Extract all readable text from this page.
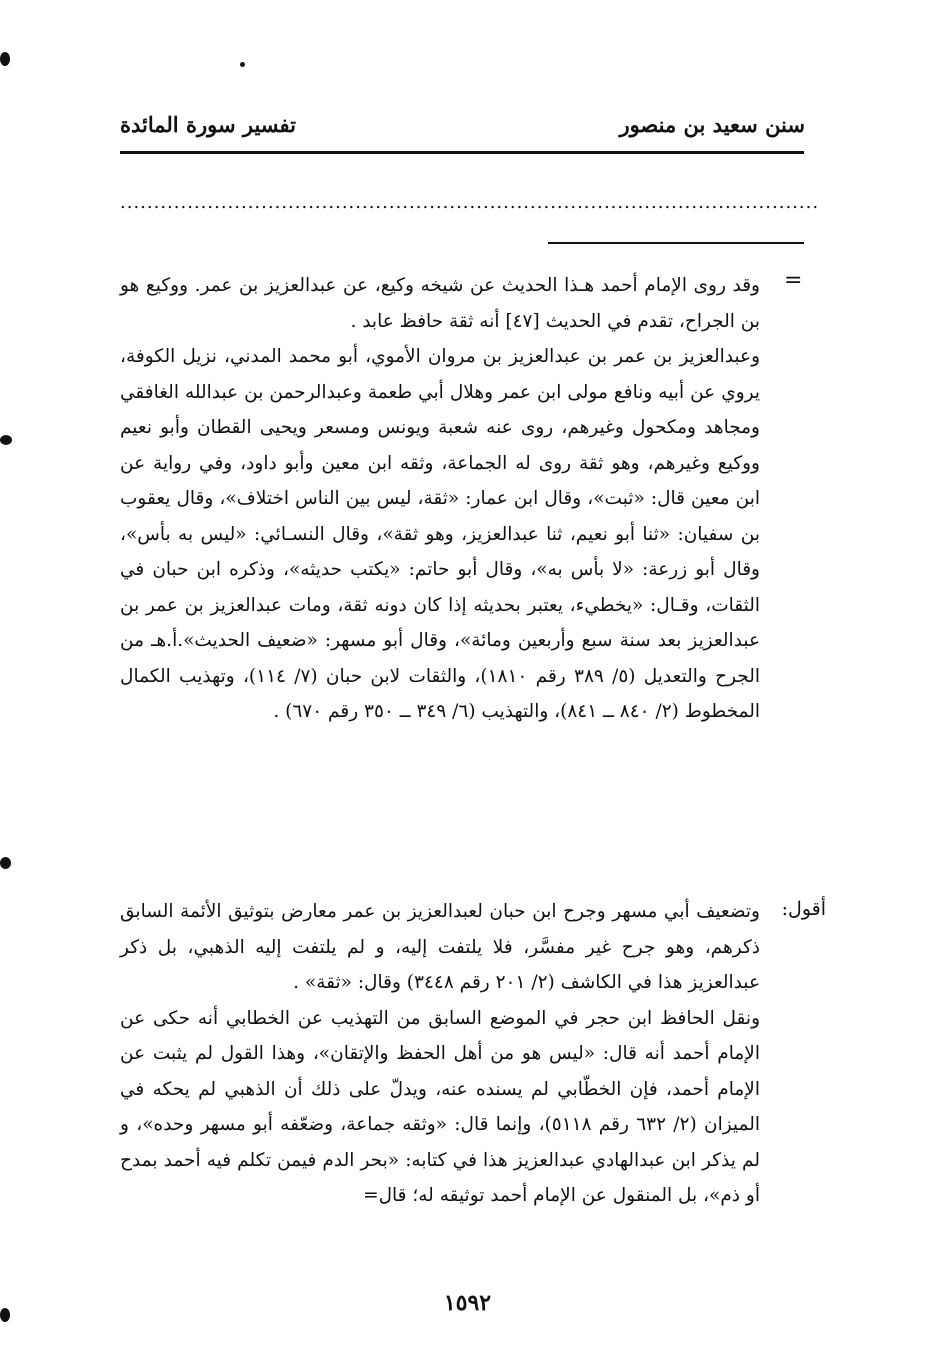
سنن سعيد بن منصور
تفسير سورة المائدة
........................................................................................................
=

وقد روى الإمام أحمد هـذا الحديث عن شيخه وكيع، عن عبدالعزيز بن عمر. ووكيع هو بن الجراح، تقدم في الحديث [٤٧] أنه ثقة حافظ عابد .

وعبدالعزيز بن عمر بن عبدالعزيز بن مروان الأموي، أبو محمد المدني، نزيل الكوفة، يروي عن أبيه ونافع مولى ابن عمر وهلال أبي طعمة وعبدالرحمن بن عبدالله الغافقي ومجاهد ومكحول وغيرهم، روى عنه شعبة ويونس ومسعر ويحيى القطان وأبو نعيم ووكيع وغيرهم، وهو ثقة روى له الجماعة، وثقه ابن معين وأبو داود، وفي رواية عن ابن معين قال: «ثبت»، وقال ابن عمار: «ثقة، ليس بين الناس اختلاف»، وقال يعقوب بن سفيان: «ثنا أبو نعيم، ثنا عبدالعزيز، وهو ثقة»، وقال النسـائي: «ليس به بأس»، وقال أبو زرعة: «لا بأس به»، وقال أبو حاتم: «يكتب حديثه»، وذكره ابن حبان في الثقات، وقـال: «يخطيء، يعتبر بحديثه إذا كان دونه ثقة، ومات عبدالعزيز بن عمر بن عبدالعزيز بعد سنة سبع وأربعين ومائة»، وقال أبو مسهر: «ضعيف الحديث».أ.هـ من الجرح والتعديل (٥/ ٣٨٩ رقم ١٨١٠)، والثقات لابن حبان (٧/ ١١٤)، وتهذيب الكمال المخطوط (٢/ ٨٤٠ ــ ٨٤١)، والتهذيب (٦/ ٣٤٩ ــ ٣٥٠ رقم ٦٧٠) .

أقول:

وتضعيف أبي مسهر وجرح ابن حبان لعبدالعزيز بن عمر معارض بتوثيق الأئمة السابق ذكرهم، وهو جرح غير مفسَّر، فلا يلتفت إليه، و لم يلتفت إليه الذهبي، بل ذكر عبدالعزيز هذا في الكاشف (٢/ ٢٠١ رقم ٣٤٤٨) وقال: «ثقة» .

ونقل الحافظ ابن حجر في الموضع السابق من التهذيب عن الخطابي أنه حكى عن الإمام أحمد أنه قال: «ليس هو من أهل الحفظ والإتقان»، وهذا القول لم يثبت عن الإمام أحمد، فإن الخطّابي لم يسنده عنه، ويدلّ على ذلك أن الذهبي لم يحكه في الميزان (٢/ ٦٣٢ رقم ٥١١٨)، وإنما قال: «وثقه جماعة، وضعّفه أبو مسهر وحده»، و لم يذكر ابن عبدالهادي عبدالعزيز هذا في كتابه: «بحر الدم فيمن تكلم فيه أحمد بمدح أو ذم»، بل المنقول عن الإمام أحمد توثيقه له؛ قال=

١٥٩٢
